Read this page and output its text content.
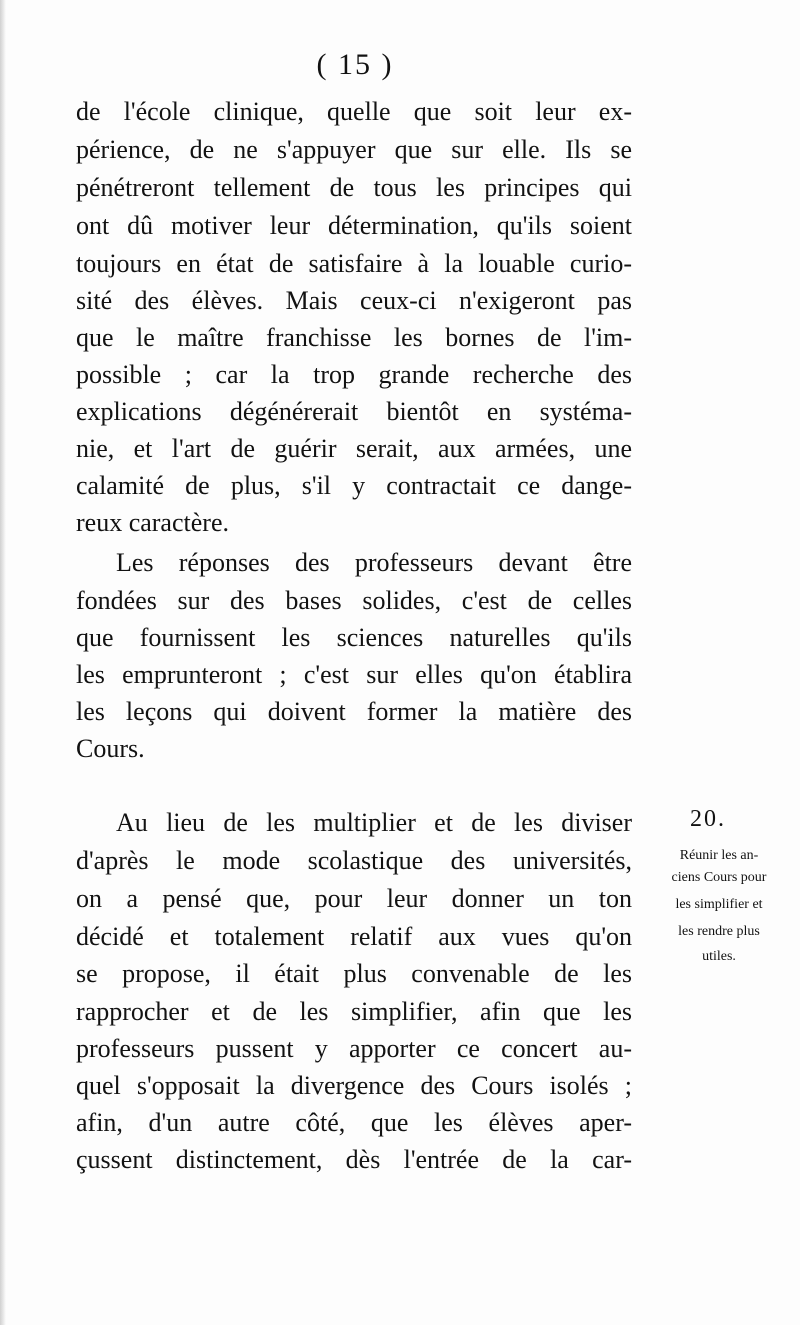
( 15 )
de l'école clinique, quelle que soit leur ex-
périence, de ne s'appuyer que sur elle. Ils se
pénétreront tellement de tous les principes qui
ont dû motiver leur détermination, qu'ils soient
toujours en état de satisfaire à la louable curio-
sité des élèves. Mais ceux-ci n'exigeront pas
que le maître franchisse les bornes de l'im-
possible ; car la trop grande recherche des
explications dégénérerait bientôt en systéma-
nie, et l'art de guérir serait, aux armées, une
calamité de plus, s'il y contractait ce dange-
reux caractère.
Les réponses des professeurs devant être
fondées sur des bases solides, c'est de celles
que fournissent les sciences naturelles qu'ils
les emprunteront ; c'est sur elles qu'on établira
les leçons qui doivent former la matière des
Cours.
Au lieu de les multiplier et de les diviser
d'après le mode scolastique des universités,
on a pensé que, pour leur donner un ton
décidé et totalement relatif aux vues qu'on
se propose, il était plus convenable de les
rapprocher et de les simplifier, afin que les
professeurs pussent y apporter ce concert au-
quel s'opposait la divergence des Cours isolés ;
afin, d'un autre côté, que les élèves aper-
çussent distinctement, dès l'entrée de la car-
20.
Réunir les an-
ciens Cours pour
les simplifier et
les rendre plus
utiles.
